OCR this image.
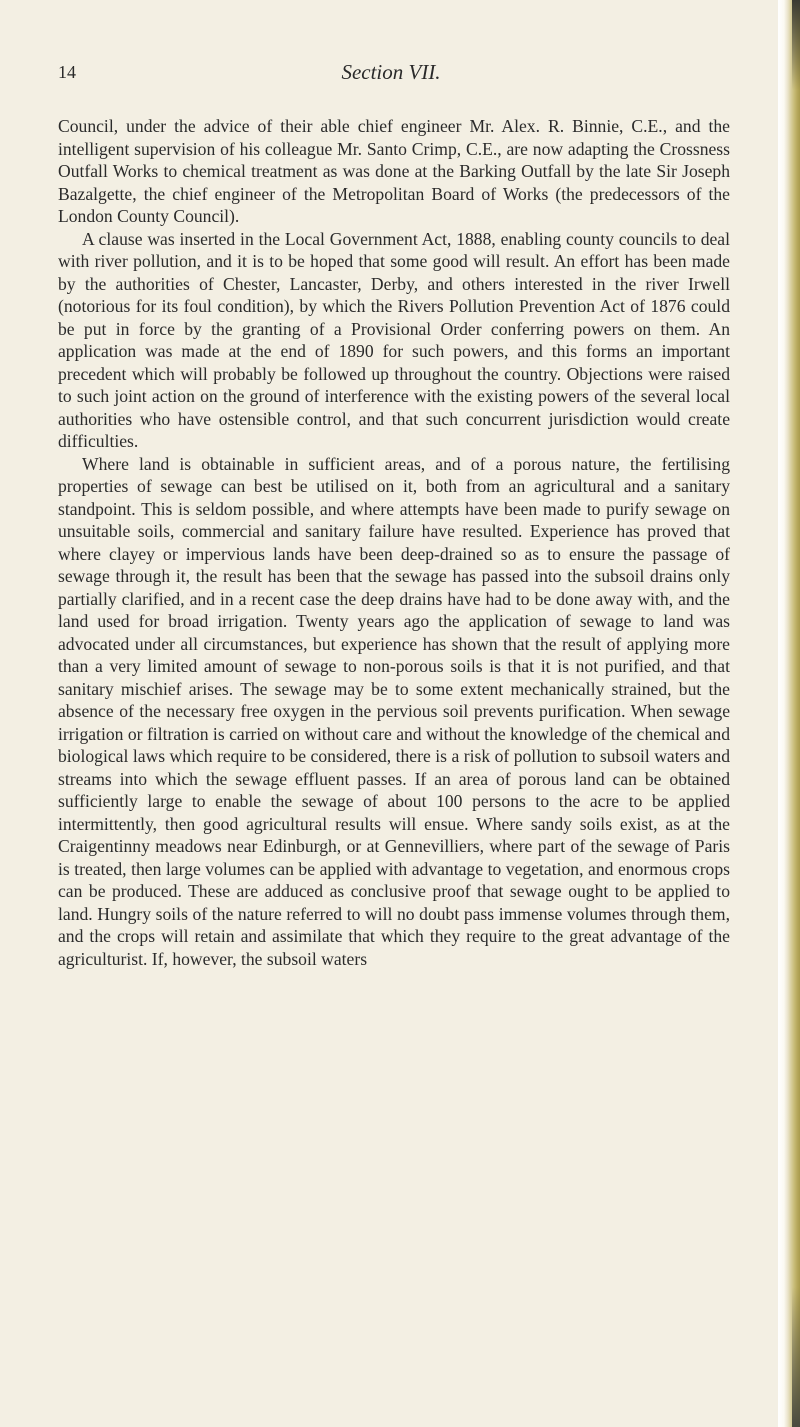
14	Section VII.

Council, under the advice of their able chief engineer Mr. Alex. R. Binnie, C.E., and the intelligent supervision of his colleague Mr. Santo Crimp, C.E., are now adapting the Crossness Outfall Works to chemical treatment as was done at the Barking Outfall by the late Sir Joseph Bazalgette, the chief engineer of the Metropolitan Board of Works (the predecessors of the London County Council).

A clause was inserted in the Local Government Act, 1888, enabling county councils to deal with river pollution, and it is to be hoped that some good will result. An effort has been made by the authorities of Chester, Lancaster, Derby, and others interested in the river Irwell (notorious for its foul condition), by which the Rivers Pollution Prevention Act of 1876 could be put in force by the granting of a Provisional Order conferring powers on them. An application was made at the end of 1890 for such powers, and this forms an important precedent which will probably be followed up throughout the country. Objections were raised to such joint action on the ground of interference with the existing powers of the several local authorities who have ostensible control, and that such concurrent jurisdiction would create difficulties.

Where land is obtainable in sufficient areas, and of a porous nature, the fertilising properties of sewage can best be utilised on it, both from an agricultural and a sanitary standpoint. This is seldom possible, and where attempts have been made to purify sewage on unsuitable soils, commercial and sanitary failure have resulted. Experience has proved that where clayey or impervious lands have been deep-drained so as to ensure the passage of sewage through it, the result has been that the sewage has passed into the subsoil drains only partially clarified, and in a recent case the deep drains have had to be done away with, and the land used for broad irrigation. Twenty years ago the application of sewage to land was advocated under all circumstances, but experience has shown that the result of applying more than a very limited amount of sewage to non-porous soils is that it is not purified, and that sanitary mischief arises. The sewage may be to some extent mechanically strained, but the absence of the necessary free oxygen in the pervious soil prevents purification. When sewage irrigation or filtration is carried on without care and without the knowledge of the chemical and biological laws which require to be considered, there is a risk of pollution to subsoil waters and streams into which the sewage effluent passes. If an area of porous land can be obtained sufficiently large to enable the sewage of about 100 persons to the acre to be applied intermittently, then good agricultural results will ensue. Where sandy soils exist, as at the Craigentinny meadows near Edinburgh, or at Gennevilliers, where part of the sewage of Paris is treated, then large volumes can be applied with advantage to vegetation, and enormous crops can be produced. These are adduced as conclusive proof that sewage ought to be applied to land. Hungry soils of the nature referred to will no doubt pass immense volumes through them, and the crops will retain and assimilate that which they require to the great advantage of the agriculturist. If, however, the subsoil waters
